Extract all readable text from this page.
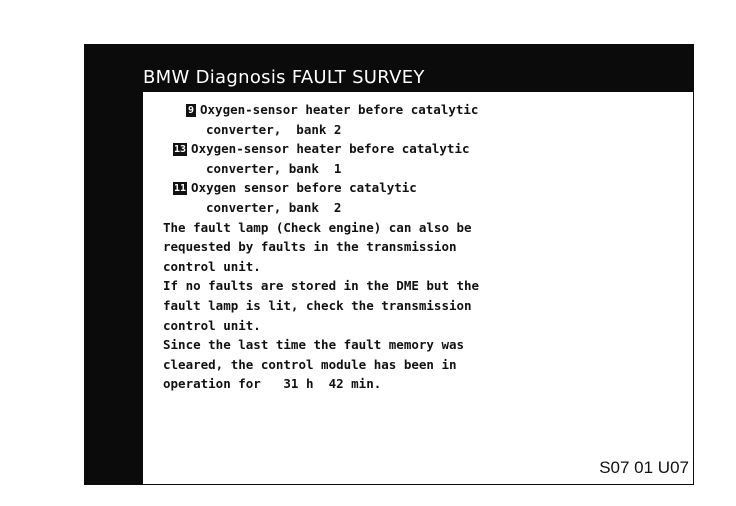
BMW Diagnosis FAULT SURVEY
9 Oxygen-sensor heater before catalytic
converter,  bank 2
13 Oxygen-sensor heater before catalytic
converter, bank  1
11 Oxygen sensor before catalytic
converter, bank  2
The fault lamp (Check engine) can also be
requested by faults in the transmission
control unit.
If no faults are stored in the DME but the
fault lamp is lit, check the transmission
control unit.
Since the last time the fault memory was
cleared, the control module has been in
operation for   31 h  42 min.
S07 01 U07
